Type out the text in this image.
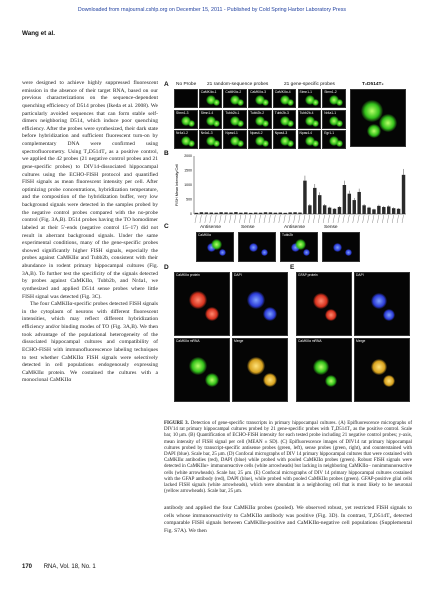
Downloaded from rnajournal.cshlp.org on December 15, 2011 - Published by Cold Spring Harbor Laboratory Press
Wang et al.

were designed to achieve highly suppressed fluorescent emission in the absence of their target RNA, based on our previous characterizations on the sequence-dependent quenching efficiency of D514 probes (Ikeda et al. 2008). We particularly avoided sequences that can form stable self-dimers neighboring D514, which induce poor quenching efficiency. After the probes were synthesized, their dark state before hybridization and sufficient fluorescent turn-on by complementary DNA were confirmed using spectrofluorometry. Using T₂D514T₂ as a positive control, we applied the 42 probes (21 negative control probes and 21 gene-specific probes) to DIV14-dissociated hippocampal cultures using the ECHO-FISH protocol and quantified FISH signals as mean fluorescent intensity per cell. After optimizing probe concentrations, hybridization temperature, and the composition of the hybridization buffer, very low background signals were detected in the samples probed by the negative control probes compared with the no-probe control (Fig. 3A,B). D514 probes having the TO homodimer labeled at their 5′-ends (negative control 15–17) did not result in aberrant background signals. Under the same experimental conditions, many of the gene-specific probes showed significantly higher FISH signals, especially the probes against CaMKIIα and Tubb2b, consistent with their abundance in rodent primary hippocampal cultures (Fig. 3A,B). To further test the specificity of the signals detected by probes against CaMKIIα, Tubb2b, and Nr4a1, we synthesized and applied D514 sense probes where little FISH signal was detected (Fig. 3C).

The four CaMKIIα-specific probes detected FISH signals in the cytoplasm of neurons with different fluorescent intensities, which may reflect different hybridization efficiency and/or binding modes of TO (Fig. 3A,B). We then took advantage of the populational heterogeneity of the dissociated hippocampal cultures and compatibility of ECHO-FISH with immunofluorescence labeling techniques to test whether CaMKIIα FISH signals were selectively detected in cell populations endogenously expressing CaMKIIα protein. We costained the cultures with a monoclonal CaMKIIα

A No Probe 21 random-sequence probes	21 gene-specific probes	T₂D514T₂
B
0
500
1000
1500
2000
FISH Mean Intensity/Cell
C	Antisense	Sense	Antisense	Sense
D	E
CaMKIIα-1	CaMKIIα-2	CaMKIIα-3	CaMKIIα-4	Stmn1-1	Stmn1-2
Stmn1-3	Stmn1-4	Tubb2b-1	Tubb2b-2	Tubb2b-3	Tubb2b-4	Nr4a1-1
Nr4a1-2	Nr4a1-3	Npas4-1	Npas4-2	Npas4-3	Npas4-4	Egr1-1
CaMKIIα	Tubb2b
CaMKIIα protein	DAPI
CaMKIIα mRNA	Merge
GFAP protein	DAPI
CaMKIIα mRNA	Merge
FIGURE 3. Detection of gene-specific transcripts in primary hippocampal cultures. (A) Epifluorescence micrographs of DIV14 rat primary hippocampal cultures probed by 21 gene-specific probes with T₂D514T₂ as the positive control. Scale bar, 10 μm. (B) Quantification of ECHO-FISH intensity for each tested probe including 21 negative control probes; y-axis, mean intensity of FISH signal per cell (MEAN ± SD). (C) Epifluorescence images of DIV14 rat primary hippocampal cultures probed by transcript-specific antisense probes (green, left), sense probes (green, right), and counterstained with DAPI (blue). Scale bar, 25 μm. (D) Confocal micrographs of DIV 14 primary hippocampal cultures that were costained with CaMKIIα antibodies (red), DAPI (blue) while probed with pooled CaMKIIα probes (green). Robust FISH signals were detected in CaMKIIα+ immunoreactive cells (white arrowheads) but lacking in neighboring CaMKIIα− nonimmunoreactive cells (white arrowheads). Scale bar, 25 μm. (E) Confocal micrographs of DIV 14 primary hippocampal cultures costained with the GFAP antibody (red), DAPI (blue), while probed with pooled CaMKIIα probes (green). GFAP-positive glial cells lacked FISH signals (white arrowheads), which were abundant in a neighboring cell that is most likely to be neuronal (yellow arrowheads). Scale bar, 25 μm.
antibody and applied the four CaMKIIα probes (pooled). We observed robust, yet restricted FISH signals to cells whose immunoreactivity to CaMKIIα antibody was positive (Fig. 3D). In contrast, T₂D514T₂ detected comparable FISH signals between CaMKIIα-positive and CaMKIIα-negative cell populations (Supplemental Fig. S7A). We then
170 RNA, Vol. 18, No. 1
